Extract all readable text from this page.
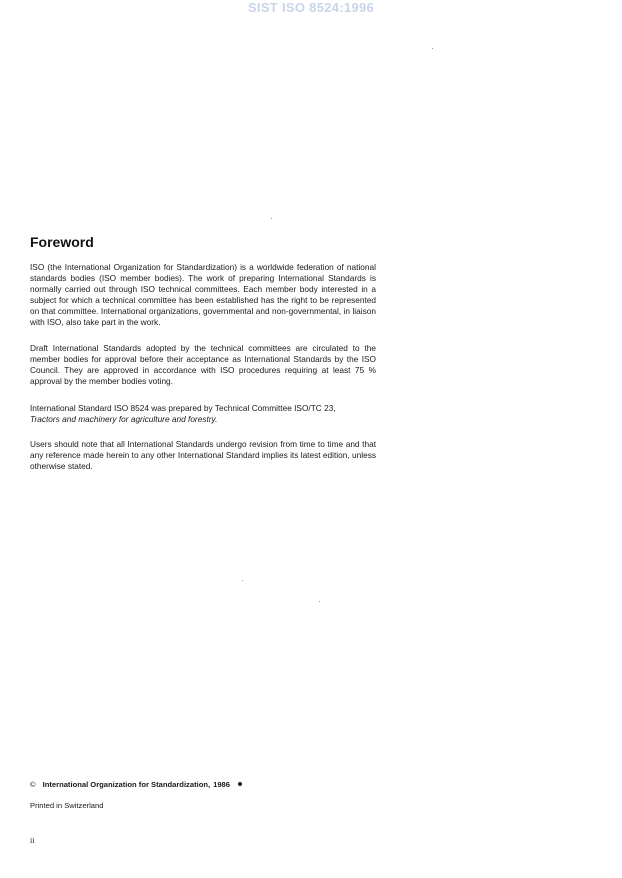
SIST ISO 8524:1996
Foreword

ISO (the International Organization for Standardization) is a worldwide federation of national standards bodies (ISO member bodies). The work of preparing International Standards is normally carried out through ISO technical committees. Each member body interested in a subject for which a technical committee has been established has the right to be represented on that committee. International organizations, governmental and non-governmental, in liaison with ISO, also take part in the work.

Draft International Standards adopted by the technical committees are circulated to the member bodies for approval before their acceptance as International Standards by the ISO Council. They are approved in accordance with ISO procedures requiring at least 75 % approval by the member bodies voting.

International Standard ISO 8524 was prepared by Technical Committee ISO/TC 23,
Tractors and machinery for agriculture and forestry.

Users should note that all International Standards undergo revision from time to time and that any reference made herein to any other International Standard implies its latest edition, unless otherwise stated.

© International Organization for Standardization, 1986
Printed in Switzerland
ii
